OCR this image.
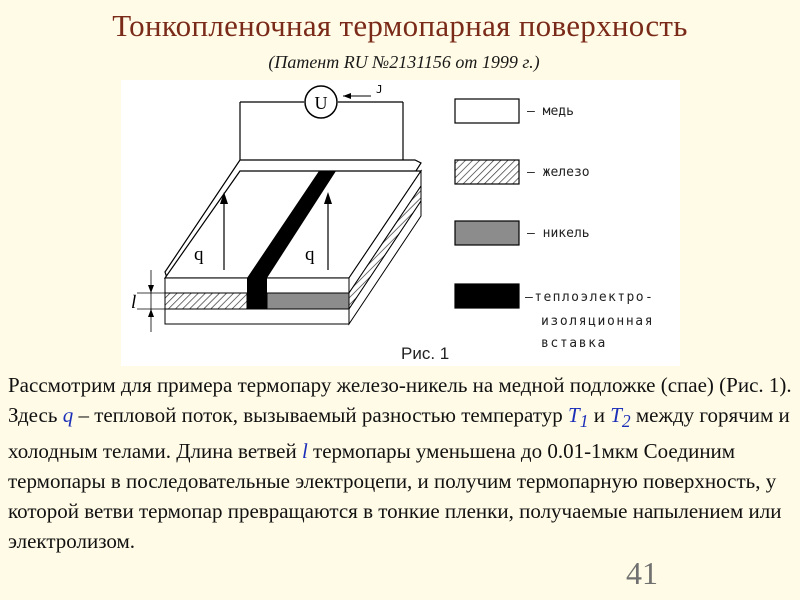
Тонкопленочная термопарная поверхность
(Патент RU №2131156 от 1999 г.)
U
J
q	q
l
Рис. 1
– медь
– железо
– никель
–теплоэлектро-
изоляционная
вставка
Рассмотрим для примера термопару железо-никель на медной подложке (спае) (Рис. 1). Здесь q – тепловой поток, вызываемый разностью температур $T_1$ и $T_2$ между горячим и холодным телами. Длина ветвей l термопары уменьшена до 0.01-1мкм Соединим термопары в последовательные электроцепи, и получим термопарную поверхность, у которой ветви термопар превращаются в тонкие пленки, получаемые напылением или электролизом.
41
